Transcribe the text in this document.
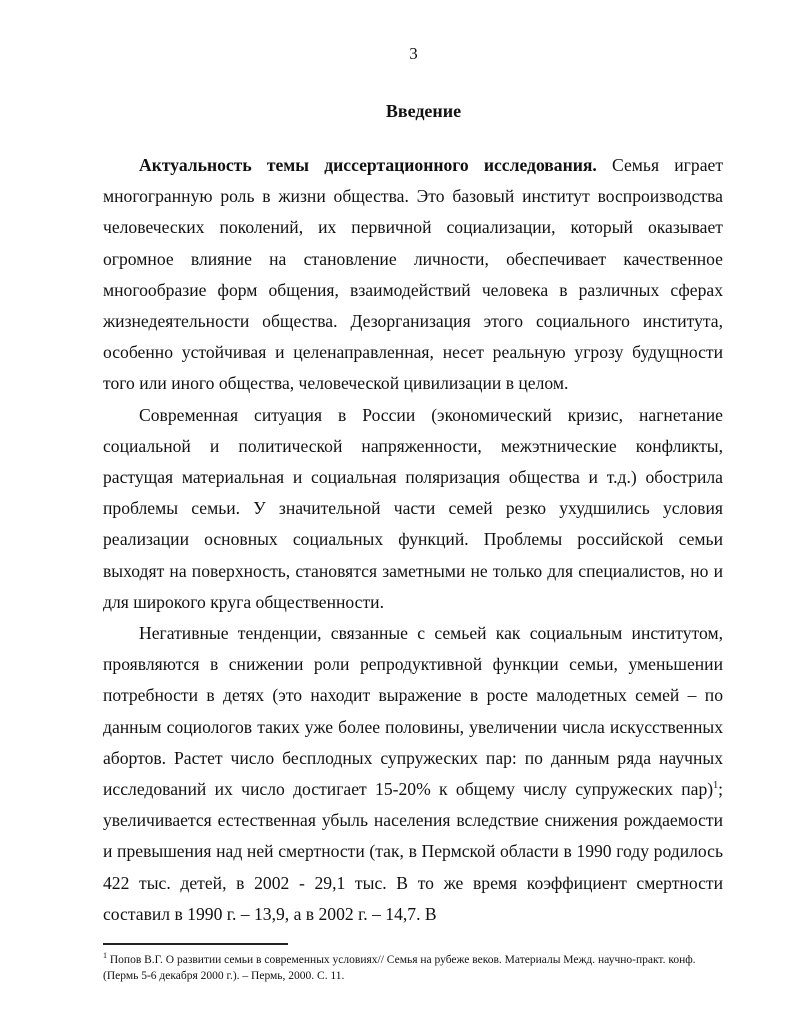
3
Введение

Актуальность темы диссертационного исследования. Семья играет многогранную роль в жизни общества. Это базовый институт воспроизводства человеческих поколений, их первичной социализации, который оказывает огромное влияние на становление личности, обеспечивает качественное многообразие форм общения, взаимодействий человека в различных сферах жизнедеятельности общества. Дезорганизация этого социального института, особенно устойчивая и целенаправленная, несет реальную угрозу будущности того или иного общества, человеческой цивилизации в целом.

Современная ситуация в России (экономический кризис, нагнетание социальной и политической напряженности, межэтнические конфликты, растущая материальная и социальная поляризация общества и т.д.) обострила проблемы семьи. У значительной части семей резко ухудшились условия реализации основных социальных функций. Проблемы российской семьи выходят на поверхность, становятся заметными не только для специалистов, но и для широкого круга общественности.

Негативные тенденции, связанные с семьей как социальным институтом, проявляются в снижении роли репродуктивной функции семьи, уменьшении потребности в детях (это находит выражение в росте малодетных семей – по данным социологов таких уже более половины, увеличении числа искусственных абортов. Растет число бесплодных супружеских пар: по данным ряда научных исследований их число достигает 15-20% к общему числу супружеских пар)$^1$; увеличивается естественная убыль населения вследствие снижения рождаемости и превышения над ней смертности (так, в Пермской области в 1990 году родилось 422 тыс. детей, в 2002 - 29,1 тыс. В то же время коэффициент смертности составил в 1990 г. – 13,9, а в 2002 г. – 14,7. В

$^1$ Попов В.Г. О развитии семьи в современных условиях// Семья на рубеже веков. Материалы Межд. научно-практ. конф. (Пермь 5-6 декабря 2000 г.). – Пермь, 2000. С. 11.
